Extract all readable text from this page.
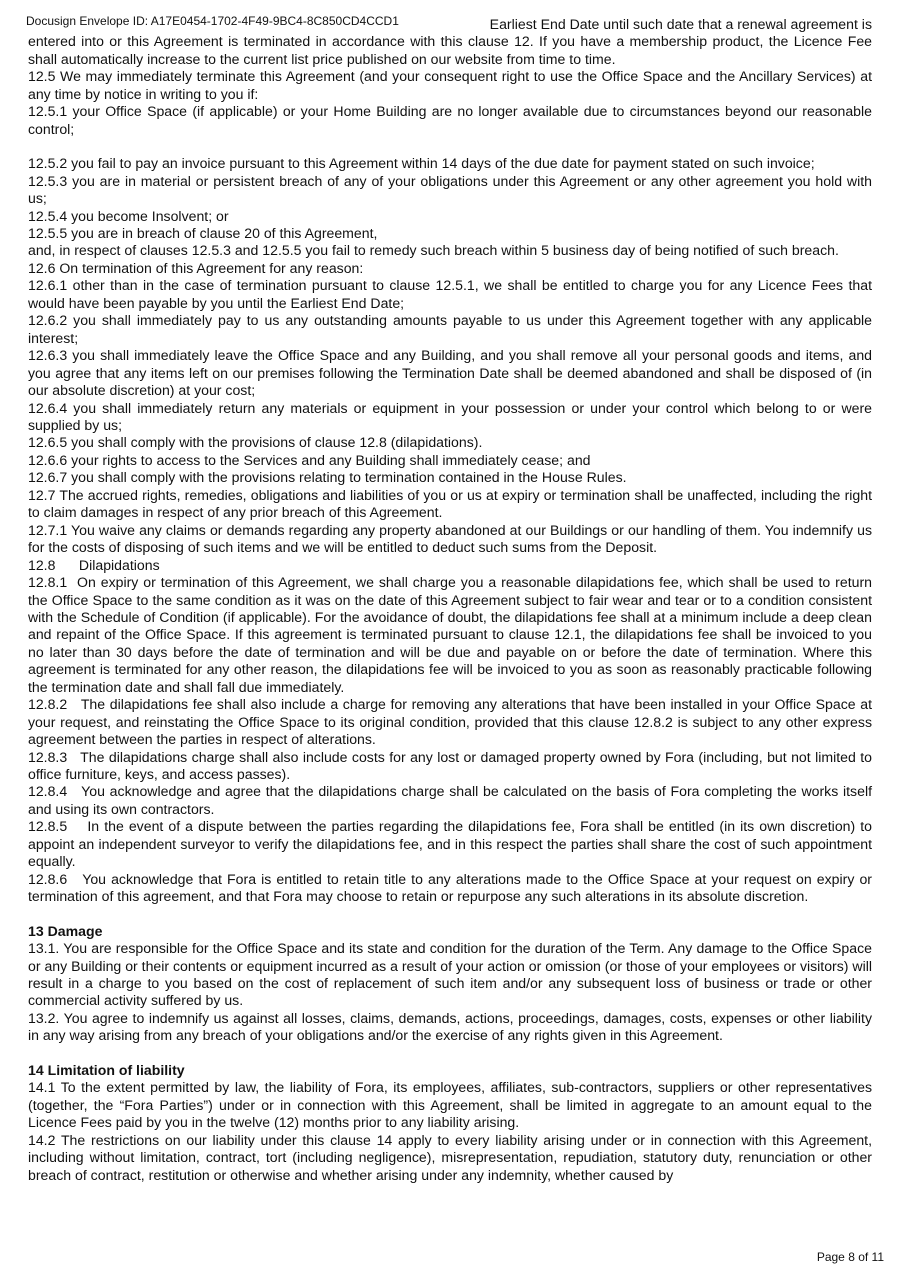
Docusign Envelope ID: A17E0454-1702-4F49-9BC4-8C850CD4CCD1	Earliest End Date until such date that a renewal agreement is

entered into or this Agreement is terminated in accordance with this clause 12. If you have a membership product, the Licence Fee shall automatically increase to the current list price published on our website from time to time.

12.5 We may immediately terminate this Agreement (and your consequent right to use the Office Space and the Ancillary Services) at any time by notice in writing to you if:

12.5.1 your Office Space (if applicable) or your Home Building are no longer available due to circumstances beyond our reasonable control;

12.5.2 you fail to pay an invoice pursuant to this Agreement within 14 days of the due date for payment stated on such invoice;

12.5.3 you are in material or persistent breach of any of your obligations under this Agreement or any other agreement you hold with us;

12.5.4 you become Insolvent; or

12.5.5 you are in breach of clause 20 of this Agreement,

and, in respect of clauses 12.5.3 and 12.5.5 you fail to remedy such breach within 5 business day of being notified of such breach.

12.6 On termination of this Agreement for any reason:

12.6.1 other than in the case of termination pursuant to clause 12.5.1, we shall be entitled to charge you for any Licence Fees that would have been payable by you until the Earliest End Date;

12.6.2 you shall immediately pay to us any outstanding amounts payable to us under this Agreement together with any applicable interest;

12.6.3 you shall immediately leave the Office Space and any Building, and you shall remove all your personal goods and items, and you agree that any items left on our premises following the Termination Date shall be deemed abandoned and shall be disposed of (in our absolute discretion) at your cost;

12.6.4 you shall immediately return any materials or equipment in your possession or under your control which belong to or were supplied by us;

12.6.5 you shall comply with the provisions of clause 12.8 (dilapidations).

12.6.6 your rights to access to the Services and any Building shall immediately cease; and

12.6.7 you shall comply with the provisions relating to termination contained in the House Rules.

12.7 The accrued rights, remedies, obligations and liabilities of you or us at expiry or termination shall be unaffected, including the right to claim damages in respect of any prior breach of this Agreement.

12.7.1 You waive any claims or demands regarding any property abandoned at our Buildings or our handling of them. You indemnify us for the costs of disposing of such items and we will be entitled to deduct such sums from the Deposit.

12.8      Dilapidations

12.8.1  On expiry or termination of this Agreement, we shall charge you a reasonable dilapidations fee, which shall be used to return the Office Space to the same condition as it was on the date of this Agreement subject to fair wear and tear or to a condition consistent with the Schedule of Condition (if applicable). For the avoidance of doubt, the dilapidations fee shall at a minimum include a deep clean and repaint of the Office Space. If this agreement is terminated pursuant to clause 12.1, the dilapidations fee shall be invoiced to you no later than 30 days before the date of termination and will be due and payable on or before the date of termination. Where this agreement is terminated for any other reason, the dilapidations fee will be invoiced to you as soon as reasonably practicable following the termination date and shall fall due immediately.

12.8.2   The dilapidations fee shall also include a charge for removing any alterations that have been installed in your Office Space at your request, and reinstating the Office Space to its original condition, provided that this clause 12.8.2 is subject to any other express agreement between the parties in respect of alterations.

12.8.3   The dilapidations charge shall also include costs for any lost or damaged property owned by Fora (including, but not limited to office furniture, keys, and access passes).

12.8.4   You acknowledge and agree that the dilapidations charge shall be calculated on the basis of Fora completing the works itself and using its own contractors.

12.8.5    In the event of a dispute between the parties regarding the dilapidations fee, Fora shall be entitled (in its own discretion) to appoint an independent surveyor to verify the dilapidations fee, and in this respect the parties shall share the cost of such appointment equally.

12.8.6   You acknowledge that Fora is entitled to retain title to any alterations made to the Office Space at your request on expiry or termination of this agreement, and that Fora may choose to retain or repurpose any such alterations in its absolute discretion.

13 Damage

13.1. You are responsible for the Office Space and its state and condition for the duration of the Term. Any damage to the Office Space or any Building or their contents or equipment incurred as a result of your action or omission (or those of your employees or visitors) will result in a charge to you based on the cost of replacement of such item and/or any subsequent loss of business or trade or other commercial activity suffered by us.

13.2. You agree to indemnify us against all losses, claims, demands, actions, proceedings, damages, costs, expenses or other liability in any way arising from any breach of your obligations and/or the exercise of any rights given in this Agreement.

14 Limitation of liability

14.1 To the extent permitted by law, the liability of Fora, its employees, affiliates, sub-contractors, suppliers or other representatives (together, the “Fora Parties”) under or in connection with this Agreement, shall be limited in aggregate to an amount equal to the Licence Fees paid by you in the twelve (12) months prior to any liability arising.

14.2 The restrictions on our liability under this clause 14 apply to every liability arising under or in connection with this Agreement, including without limitation, contract, tort (including negligence), misrepresentation, repudiation, statutory duty, renunciation or other breach of contract, restitution or otherwise and whether arising under any indemnity, whether caused by

Page 8 of 11
